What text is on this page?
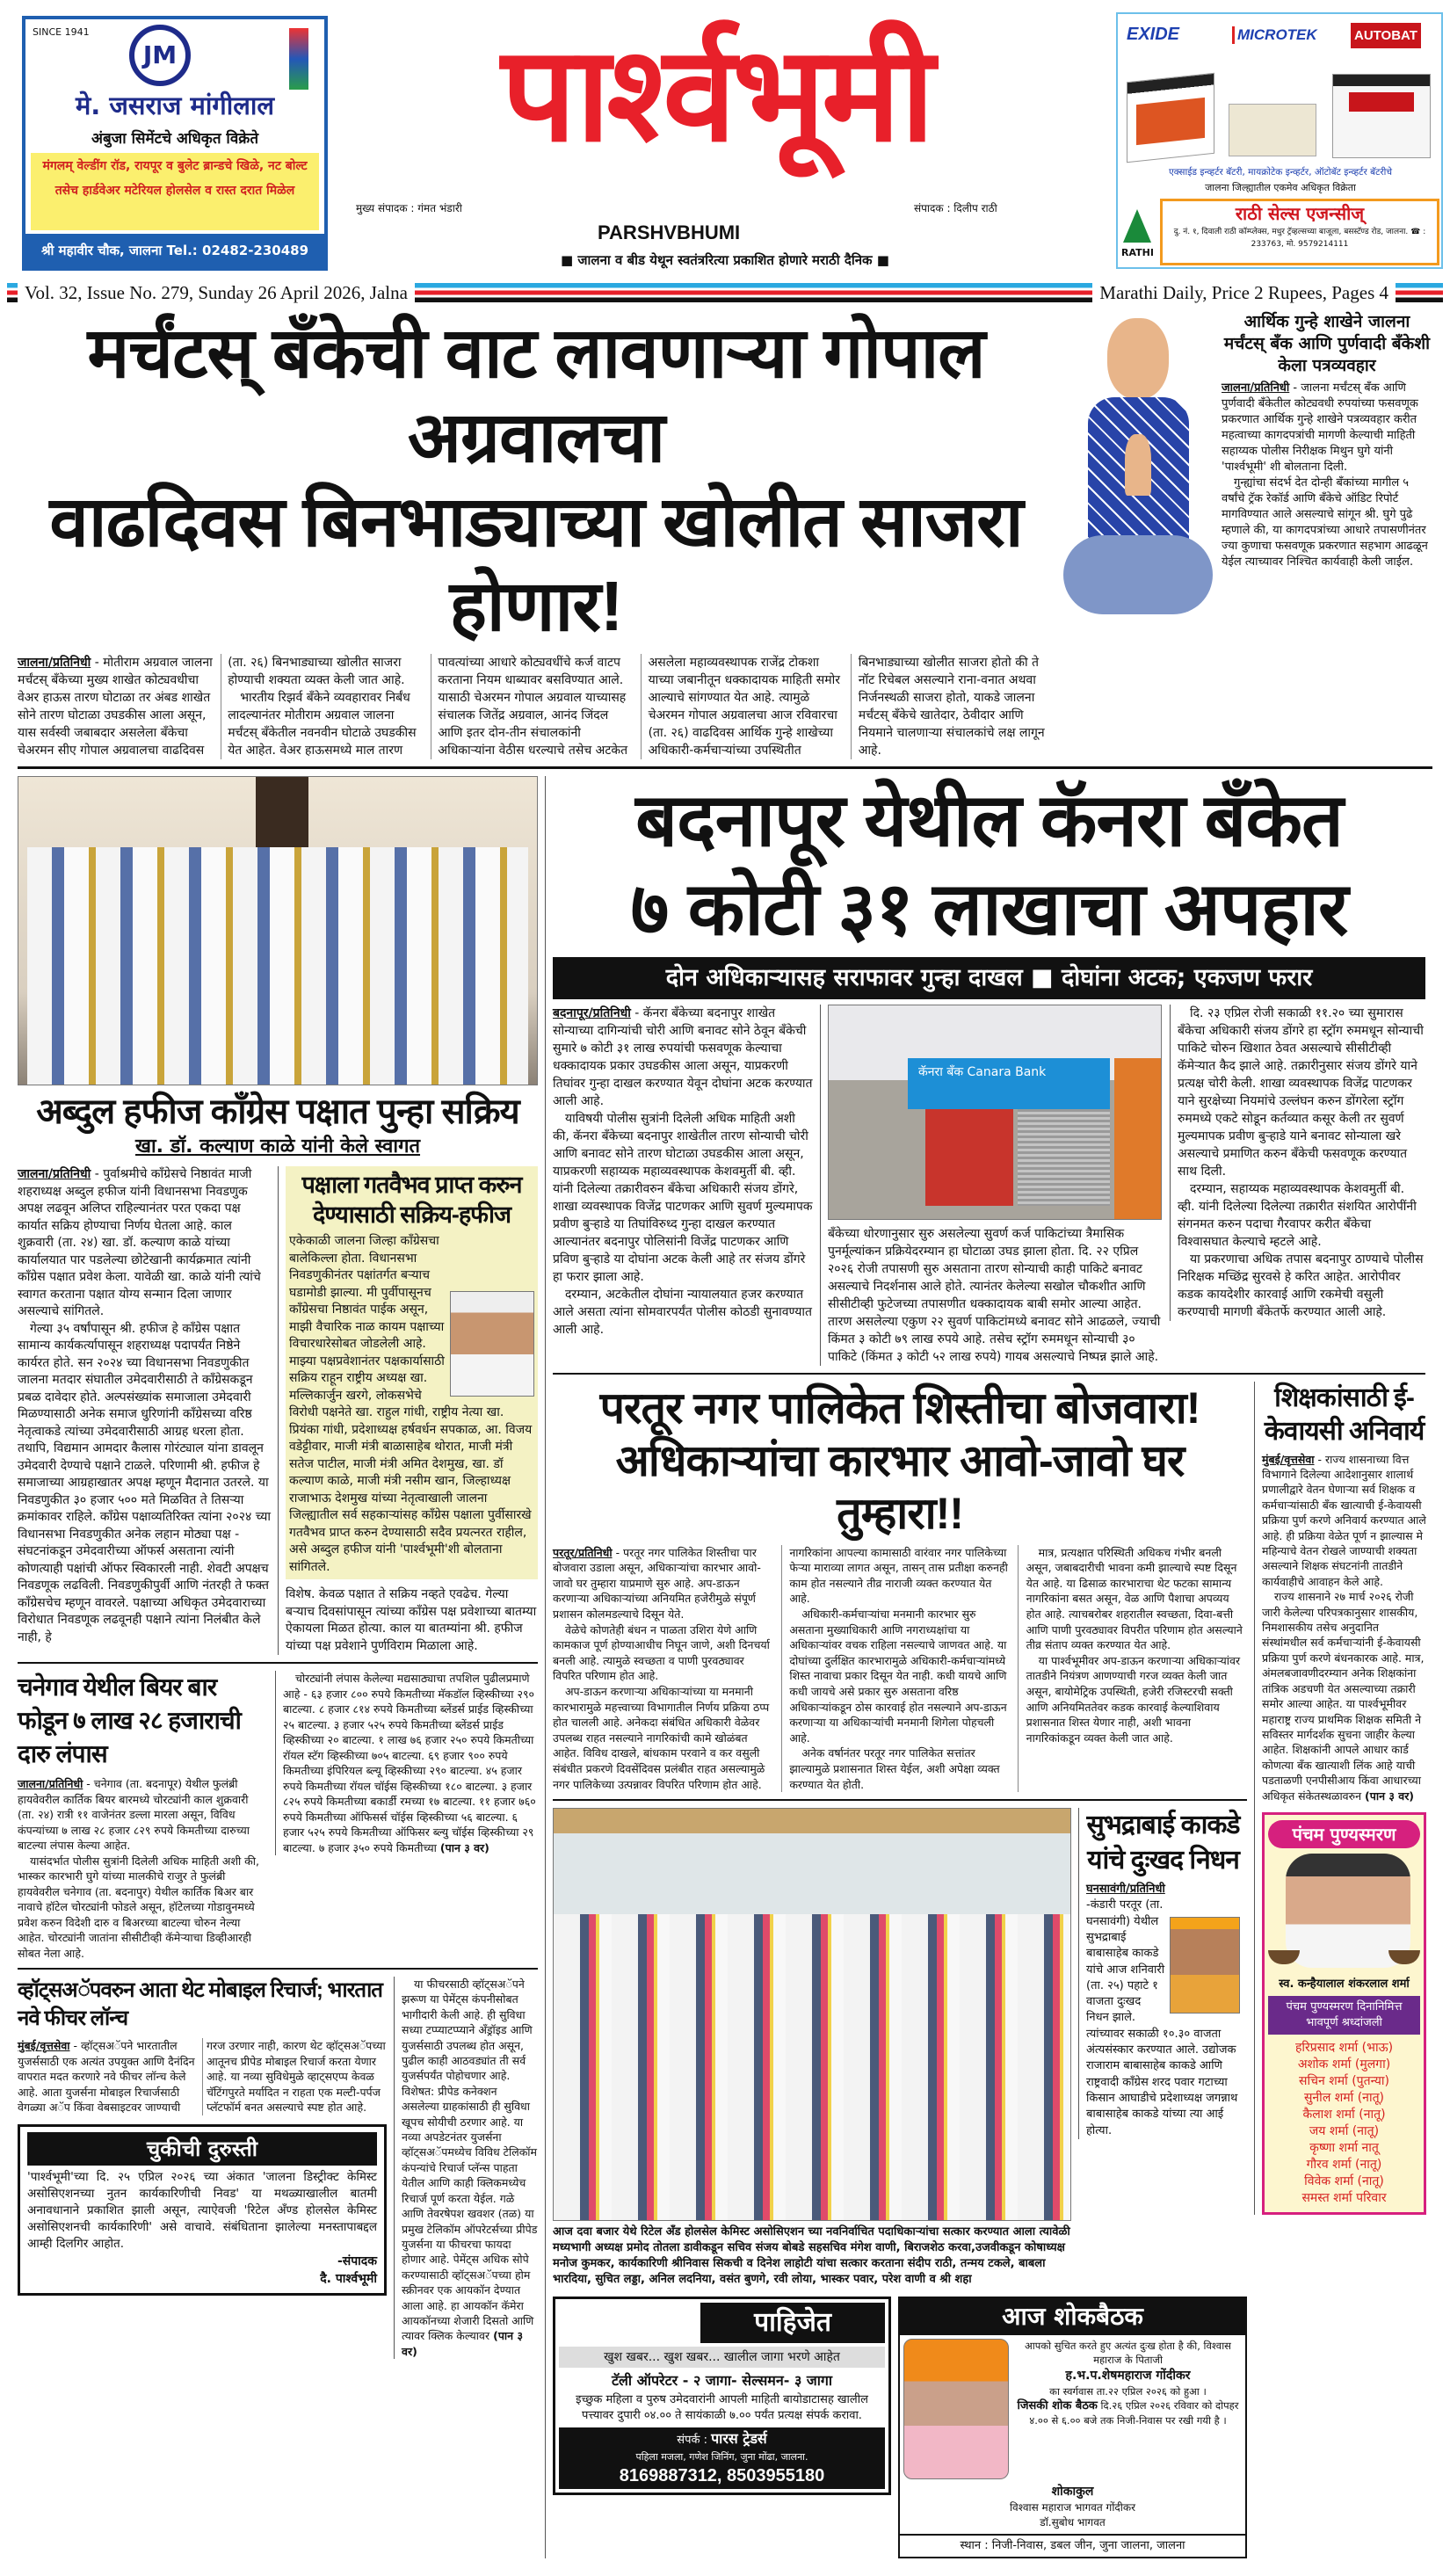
SINCE 1941
JM
मे. जसराज मांगीलाल
अंबुजा सिमेंटचे अधिकृत विक्रेते
मंगलम् वेल्डींग रॉड, रायपूर व बुलेट ब्रान्डचे खिळे, नट बोल्ट तसेच हार्डवेअर मटेरियल होलसेल व रास्त दरात मिळेल
श्री महावीर चौक, जालना Tel.: 02482-230489
पार्श्वभूमी
मुख्य संपादक : गंमत भंडारी	संपादक : दिलीप राठी
PARSHVBHUMI
■ जालना व बीड येथून स्वतंत्ररित्या प्रकाशित होणारे मराठी दैनिक ■
EXIDE	MICROTEK	AUTOBAT
एक्साईड इन्व्हर्टर बॅटरी, मायक्रोटेक इन्व्हर्टर, ऑटोबॅट इन्व्हर्टर बॅटरीचे
जालना जिल्ह्यातील एकमेव अधिकृत विक्रेता
RATHI
राठी सेल्स एजन्सीज्
दु. नं. १, दिवाली राठी कॉम्प्लेक्स, मधुर ट्रॅव्हल्सच्या बाजूला, बसस्टॅण्ड रोड, जालना. ☎ : 233763, मो. 9579214111
Vol. 32, Issue No. 279, Sunday 26 April 2026, Jalna	Marathi Daily, Price 2 Rupees, Pages 4
मर्चंटस् बँकेची वाट लावणाऱ्या गोपाल अग्रवालचा
वाढदिवस बिनभाड्याच्या खोलीत साजरा होणार!

जालना/प्रतिनिधी - मोतीराम अग्रवाल जालना मर्चंटस् बँकेच्या मुख्य शाखेत कोट्यवधीचा वेअर हाऊस तारण घोटाळा तर अंबड शाखेत सोने तारण घोटाळा उघडकीस आला असून, यास सर्वस्वी जबाबदार असलेला बँकेचा चेअरमन सीए गोपाल अग्रवालचा वाढदिवस (ता. २६) बिनभाड्याच्या खोलीत साजरा होण्याची शक्यता व्यक्त केली जात आहे.

भारतीय रिझर्व बँकेने व्यवहारावर निर्बंध लादल्यानंतर मोतीराम अग्रवाल जालना मर्चंटस् बँकेतील नवनवीन घोटाळे उघडकीस येत आहेत. वेअर हाऊसमध्ये माल तारण पावत्यांच्या आधारे कोट्यवधींचे कर्ज वाटप करताना नियम धाब्यावर बसविण्यात आले. यासाठी चेअरमन गोपाल अग्रवाल याच्यासह संचालक जितेंद्र अग्रवाल, आनंद जिंदल आणि इतर दोन-तीन संचालकांनी अधिकाऱ्यांना वेठीस धरल्याचे तसेच अटकेत असलेला महाव्यवस्थापक राजेंद्र टोकशा याच्या जबानीतून धक्कादायक माहिती समोर आल्याचे सांगण्यात येत आहे. त्यामुळे चेअरमन गोपाल अग्रवालचा आज रविवारचा (ता. २६) वाढदिवस आर्थिक गुन्हे शाखेच्या अधिकारी-कर्मचाऱ्यांच्या उपस्थितीत बिनभाड्याच्या खोलीत साजरा होतो की ते नॉट रिचेबल असल्याने राना-वनात अथवा निर्जनस्थळी साजरा होतो, याकडे जालना मर्चंटस् बँकेचे खातेदार, ठेवीदार आणि नियमाने चालणाऱ्या संचालकांचे लक्ष लागून आहे.

आर्थिक गुन्हे शाखेने जालना मर्चंटस् बँक आणि पुर्णवादी बँकेशी केला पत्रव्यवहार

जालना/प्रतिनिधी - जालना मर्चंटस् बँक आणि पुर्णवादी बँकेतील कोट्यवधी रुपयांच्या फसवणूक प्रकरणात आर्थिक गुन्हे शाखेने पत्रव्यवहार करीत महत्वाच्या कागदपत्रांची मागणी केल्याची माहिती सहाय्यक पोलीस निरीक्षक मिथुन घुगे यांनी 'पार्श्वभूमी' शी बोलताना दिली.

गुन्ह्यांचा संदर्भ देत दोन्ही बँकांच्या मागील ५ वर्षांचे ट्रॅक रेकॉर्ड आणि बँकेचे ऑडिट रिपोर्ट मागविण्यात आले असल्याचे सांगून श्री. घुगे पुढे म्हणाले की, या कागदपत्रांच्या आधारे तपासणीनंतर ज्या कुणाचा फसवणूक प्रकरणात सहभाग आढळून येईल त्याच्यावर निश्चित कार्यवाही केली जाईल.

अब्दुल हफीज काँग्रेस पक्षात पुन्हा सक्रिय
खा. डॉ. कल्याण काळे यांनी केले स्वागत

जालना/प्रतिनिधी - पुर्वाश्रमीचे काँग्रेसचे निष्ठावंत माजी शहराध्यक्ष अब्दुल हफीज यांनी विधानसभा निवडणुक अपक्ष लढवून अलिप्त राहिल्यानंतर परत एकदा पक्ष कार्यात सक्रिय होण्याचा निर्णय घेतला आहे. काल शुक्रवारी (ता. २४) खा. डॉ. कल्याण काळे यांच्या कार्यालयात पार पडलेल्या छोटेखानी कार्यक्रमात त्यांनी काँग्रेस पक्षात प्रवेश केला. यावेळी खा. काळे यांनी त्यांचे स्वागत करताना पक्षात योग्य सन्मान दिला जाणार असल्याचे सांगितले.

गेल्या ३५ वर्षांपासून श्री. हफीज हे काँग्रेस पक्षात सामान्य कार्यकर्त्यापासून शहराध्यक्ष पदापर्यंत निष्ठेने कार्यरत होते. सन २०२४ च्या विधानसभा निवडणुकीत जालना मतदार संघातील उमेदवारीसाठी ते काँग्रेसकडून प्रबळ दावेदार होते. अल्पसंख्यांक समाजाला उमेदवारी मिळण्यासाठी अनेक समाज धुरिणांनी काँग्रेसच्या वरिष्ठ नेतृत्वाकडे त्यांच्या उमेदवारीसाठी आग्रह धरला होता. तथापि, विद्यमान आमदार कैलास गोरंट्याल यांना डावलून उमेदवारी देण्याचे पक्षाने टाळले. परिणामी श्री. हफीज हे समाजाच्या आग्रहाखातर अपक्ष म्हणून मैदानात उतरले. या निवडणुकीत ३० हजार ५०० मते मिळवित ते तिसऱ्या क्रमांकावर राहिले. काँग्रेस पक्षाव्यतिरिक्त त्यांना २०२४ च्या विधानसभा निवडणुकीत अनेक लहान मोठ्या पक्ष - संघटनांकडून उमेदवारीच्या ऑफर्स असताना त्यांनी कोणत्याही पक्षांची ऑफर स्विकारली नाही. शेवटी अपक्षच निवडणूक लढविली. निवडणुकीपुर्वी आणि नंतरही ते फक्त काँग्रेसचेच म्हणून वावरले. पक्षाच्या अधिकृत उमेदवाराच्या विरोधात निवडणूक लढवूनही पक्षाने त्यांना निलंबीत केले नाही, हे

पक्षाला गतवैभव प्राप्त करुन देण्यासाठी सक्रिय-हफीज
एकेकाळी जालना जिल्हा काँग्रेसचा बालेकिल्ला होता. विधानसभा निवडणुकीनंतर पक्षांतर्गत बऱ्याच घडामोडी झाल्या. मी पुर्वीपासूनच काँग्रेसचा निष्ठावंत पाईक असून, माझी वैचारिक नाळ कायम पक्षाच्या विचारधारेसोबत जोडलेली आहे. माझ्या पक्षप्रवेशानंतर पक्षकार्यासाठी सक्रिय राहून राष्ट्रीय अध्यक्ष खा. मल्लिकार्जुन खरगे, लोकसभेचे विरोधी पक्षनेते खा. राहुल गांधी, राष्ट्रीय नेत्या खा. प्रियंका गांधी, प्रदेशाध्यक्ष हर्षवर्धन सपकाळ, आ. विजय वडेट्टीवार, माजी मंत्री बाळासाहेब थोरात, माजी मंत्री सतेज पाटील, माजी मंत्री अमित देशमुख, खा. डॉ कल्याण काळे, माजी मंत्री नसीम खान, जिल्हाध्यक्ष राजाभाऊ देशमुख यांच्या नेतृत्वाखाली जालना जिल्ह्यातील सर्व सहकाऱ्यांसह काँग्रेस पक्षाला पुर्वीसारखे गतवैभव प्राप्त करुन देण्यासाठी सदैव प्रयत्नरत राहील, असे अब्दुल हफीज यांनी 'पार्श्वभूमी'शी बोलताना सांगितले.
विशेष. केवळ पक्षात ते सक्रिय नव्हते एवढेच. गेल्या बऱ्याच दिवसांपासून त्यांच्या काँग्रेस पक्ष प्रवेशाच्या बातम्या ऐकायला मिळत होत्या. काल या बातम्यांना श्री. हफीज यांच्या पक्ष प्रवेशाने पुर्णविराम मिळाला आहे.
चनेगाव येथील बियर बार फोडून ७ लाख २८ हजाराची दारु लंपास

जालना/प्रतिनिधी - चनेगाव (ता. बदनापूर) येथील फुलंब्री हायवेवरील कार्तिक बियर बारमध्ये चोरट्यांनी काल शुक्रवारी (ता. २४) रात्री ११ वाजेनंतर डल्ला मारला असून, विविध कंपन्यांच्या ७ लाख २८ हजार ८२९ रुपये किमतीच्या दारुच्या बाटल्या लंपास केल्या आहेत.

यासंदर्भात पोलीस सुत्रांनी दिलेली अधिक माहिती अशी की, भास्कर कारभारी घुगे यांच्या मालकीचे राजुर ते फुलंब्री हायवेवरील चनेगाव (ता. बदनापुर) येथील कार्तिक बिअर बार नावाचे हॉटेल चोरट्यांनी फोडले असून, हॉटेलच्या गोडावुनमध्ये प्रवेश करुन विदेशी दारु व बिअरच्या बाटल्या चोरुन नेल्या आहेत. चोरट्यांनी जातांना सीसीटीव्ही कॅमेऱ्याचा डिव्हीआरही सोबत नेला आहे.

चोरट्यांनी लंपास केलेल्या मद्यसाठ्याचा तपशिल पुढीलप्रमाणे आहे - ६३ हजार ८०० रुपये किमतीच्या मॅकडॉल व्हिस्कीच्या २९० बाटल्या. ८ हजार ८१४ रुपये किमतीच्या ब्लेंडर्स प्राईड व्हिस्कीच्या २५ बाटल्या. ३ हजार ५२५ रुपये किमतीच्या ब्लेंडर्स प्राईड व्हिस्कीच्या २० बाटल्या. १ लाख ७६ हजार २५० रुपये किमतीच्या रॉयल स्टॅग व्हिस्कीच्या ७०५ बाटल्या. ६९ हजार ९०० रुपये किमतीच्या इंपिरियल ब्ल्यू व्हिस्कीच्या २९० बाटल्या. ४५ हजार रुपये किमतीच्या रॉयल चॉईस व्हिस्कीच्या १८० बाटल्या. ३ हजार ८२५ रुपये किमतीच्या बकार्डी रमच्या १७ बाटल्या. ११ हजार ७६० रुपये किमतीच्या ऑफिसर्स चॉईस व्हिस्कीच्या ५६ बाटल्या. ६ हजार ५२५ रुपये किमतीच्या ऑफिसर ब्ल्यु चॉईस व्हिस्कीच्या २९ बाटल्या. ७ हजार ३५० रुपये किमतीच्या (पान ३ वर)

व्हॉट्सअॅपवरुन आता थेट मोबाइल रिचार्ज; भारतात नवे फीचर लॉन्च

मुंबई/वृत्तसेवा - व्हॉट्सअॅपने भारतातील युजर्ससाठी एक अत्यंत उपयुक्त आणि दैनंदिन वापरात मदत करणारे नवे फीचर लॉन्च केले आहे. आता युजर्सना मोबाइल रिचार्जसाठी वेगळ्या अॅप किंवा वेबसाइटवर जाण्याची गरज उरणार नाही, कारण थेट व्हॉट्सअॅपच्या आतूनच प्रीपेड मोबाइल रिचार्ज करता येणार आहे. या नव्या सुविधेमुळे व्हाट्सएप्प केवळ चॅटिंगपुरते मर्यादित न राहता एक मल्टी-पर्पज प्लॅटफॉर्म बनत असल्याचे स्पष्ट होत आहे.

चुकीची दुरुस्ती
'पार्श्वभूमी'च्या दि. २५ एप्रिल २०२६ च्या अंकात 'जालना डिस्ट्रीक्ट केमिस्ट असोसिएशनच्या नुतन कार्यकारिणीची निवड' या मथळ्याखालील बातमी अनावधानाने प्रकाशित झाली असून, त्याऐवजी 'रिटेल अँण्ड होलसेल केमिस्ट असोसिएशनची कार्यकारिणी' असे वाचावे. संबंधिताना झालेल्या मनस्तापाबद्दल आम्ही दिलगिर आहोत.
-संपादक
दै. पार्श्वभूमी

या फीचरसाठी व्हॉट्सअॅपने झरूण या पेमेंट्स कंपनीसोबत भागीदारी केली आहे. ही सुविधा सध्या टप्प्याटप्प्याने अँड्रॉइड आणि युजर्ससाठी उपलब्ध होत असून, पुढील काही आठवड्यांत ती सर्व युजर्सपर्यंत पोहोचणार आहे. विशेषत: प्रीपेड कनेक्शन असलेल्या ग्राहकांसाठी ही सुविधा खूपच सोयीची ठरणार आहे. या नव्या अपडेटनंतर युजर्सना व्हॉट्सअॅपमध्येच विविध टेलिकॉम कंपन्यांचे रिचार्ज प्लॅन्स पाहता येतील आणि काही क्लिकमध्येच रिचार्ज पूर्ण करता येईल. गळे आणि तेवरषेपश खवशर (तळ) या प्रमुख टेलिकॉम ऑपरेटर्सच्या प्रीपेड युजर्सना या फीचरचा फायदा होणार आहे. पेमेंट्स अधिक सोपे करण्यासाठी व्हॉट्सअॅपच्या होम स्क्रीनवर एक आयकॉन देण्यात आला आहे. हा आयकॉन कॅमेरा आयकॉनच्या शेजारी दिसतो आणि त्यावर क्लिक केल्यावर (पान ३ वर)

बदनापूर येथील कॅनरा बँकेत
७ कोटी ३१ लाखाचा अपहार
दोन अधिकाऱ्यासह सराफावर गुन्हा दाखल ■ दोघांना अटक; एकजण फरार

बदनापूर/प्रतिनिधी - कॅनरा बँकेच्या बदनापुर शाखेत सोन्याच्या दागिन्यांची चोरी आणि बनावट सोने ठेवून बँकेची सुमारे ७ कोटी ३१ लाख रुपयांची फसवणूक केल्याचा धक्कादायक प्रकार उघडकीस आला असून, याप्रकरणी तिघांवर गुन्हा दाखल करण्यात येवून दोघांना अटक करण्यात आली आहे.

याविषयी पोलीस सुत्रांनी दिलेली अधिक माहिती अशी की, कॅनरा बँकेच्या बदनापुर शाखेतील तारण सोन्याची चोरी आणि बनावट सोने तारण घोटाळा उघडकीस आला असून, याप्रकरणी सहाय्यक महाव्यवस्थापक केशवमुर्ती बी. व्ही. यांनी दिलेल्या तक्रारीवरुन बँकेचा अधिकारी संजय डोंगरे, शाखा व्यवस्थापक विजेंद्र पाटणकर आणि सुवर्ण मुल्यमापक प्रवीण बुऱ्हाडे या तिघांविरुध्द गुन्हा दाखल करण्यात आल्यानंतर बदनापुर पोलिसांनी विजेंद्र पाटणकर आणि प्रविण बुऱ्हाडे या दोघांना अटक केली आहे तर संजय डोंगरे हा फरार झाला आहे.

दरम्यान, अटकेतील दोघांना न्यायालयात हजर करण्यात आले असता त्यांना सोमवारपर्यंत पोलीस कोठडी सुनावण्यात आली आहे.

कॅनरा बँक Canara Bank
बँकेच्या धोरणानुसार सुरु असलेल्या सुवर्ण कर्ज पाकिटांच्या त्रैमासिक पुनर्मूल्यांकन प्रक्रियेदरम्यान हा घोटाळा उघड झाला होता. दि. २२ एप्रिल २०२६ रोजी तपासणी सुरु असताना तारण सोन्याची काही पाकिटे बनावट असल्याचे निदर्शनास आले होते. त्यानंतर केलेल्या सखोल चौकशीत आणि सीसीटीव्ही फुटेजच्या तपासणीत धक्कादायक बाबी समोर आल्या आहेत. तारण असलेल्या एकुण २२ सुवर्ण पाकिटांमध्ये बनावट सोने आढळले, ज्याची किंमत ३ कोटी ७९ लाख रुपये आहे. तसेच स्ट्रॉग रुममधून सोन्याची ३० पाकिटे (किंमत ३ कोटी ५२ लाख रुपये) गायब असल्याचे निष्पन्न झाले आहे.

दि. २३ एप्रिल रोजी सकाळी ११.२० च्या सुमारास बँकेचा अधिकारी संजय डोंगरे हा स्ट्रॉग रुममधून सोन्याची पाकिटे चोरुन खिशात ठेवत असल्याचे सीसीटीव्ही कॅमेऱ्यात कैद झाले आहे. तक्रारीनुसार संजय डोंगरे याने प्रत्यक्ष चोरी केली. शाखा व्यवस्थापक विजेंद्र पाटणकर याने सुरक्षेच्या नियमांचे उल्लंघन करुन डोंगरेला स्ट्रॉग रुममध्ये एकटे सोडून कर्तव्यात कसूर केली तर सुवर्ण मुल्यमापक प्रवीण बुऱ्हाडे याने बनावट सोन्याला खरे असल्याचे प्रमाणित करुन बँकेची फसवणूक करण्यात साथ दिली.

दरम्यान, सहाय्यक महाव्यवस्थापक केशवमुर्ती बी. व्ही. यांनी दिलेल्या दिलेल्या तक्रारीत संशयित आरोपींनी संगनमत करुन पदाचा गैरवापर करीत बँकेचा विश्वासघात केल्याचे म्हटले आहे.

या प्रकरणाचा अधिक तपास बदनापुर ठाण्याचे पोलीस निरिक्षक मच्छिंद्र सुरवसे हे करित आहेत. आरोपीवर कडक कायदेशीर कारवाई आणि रकमेची वसुली करण्याची मागणी बँकेतर्फे करण्यात आली आहे.

परतूर नगर पालिकेत शिस्तीचा बोजवारा!
अधिकाऱ्यांचा कारभार आवो-जावो घर तुम्हारा!!

परतूर/प्रतिनिधी - परतूर नगर पालिकेत शिस्तीचा पार बोजवारा उडाला असून, अधिकाऱ्यांचा कारभार आवो-जावो घर तुम्हारा याप्रमाणे सुरु आहे. अप-डाऊन करणाऱ्या अधिकाऱ्यांच्या अनियमित हजेरीमुळे संपूर्ण प्रशासन कोलमडल्याचे दिसून येते.

वेळेचे कोणतेही बंधन न पाळता उशिरा येणे आणि कामकाज पूर्ण होण्याआधीच निघून जाणे, अशी दिनचर्या बनली आहे. त्यामुळे स्वच्छता व पाणी पुरवठ्यावर विपरित परिणाम होत आहे.

अप-डाऊन करणाऱ्या अधिकाऱ्यांच्या या मनमानी कारभारामुळे महत्त्वाच्या विभागातील निर्णय प्रक्रिया ठप्प होत चालली आहे. अनेकदा संबंधित अधिकारी वेळेवर उपलब्ध राहत नसल्याने नागरिकांची कामे खोळंबत आहेत. विविध दाखले, बांधकाम परवाने व कर वसुली संबंधीत प्रकरणे दिवसेंदिवस प्रलंबीत राहत असल्यामुळे नगर पालिकेच्या उत्पन्नावर विपरित परिणाम होत आहे. नागरिकांना आपल्या कामासाठी वारंवार नगर पालिकेच्या फेऱ्या माराव्या लागत असून, तासन् तास प्रतीक्षा करुनही काम होत नसल्याने तीव्र नाराजी व्यक्त करण्यात येत आहे.

अधिकारी-कर्मचाऱ्यांचा मनमानी कारभार सुरु असताना मुख्याधिकारी आणि नगराध्यक्षांचा या अधिकाऱ्यांवर वचक राहिला नसल्याचे जाणवत आहे. या दोघांच्या दुर्लक्षित कारभारामुळे अधिकारी-कर्मचाऱ्यांमध्ये शिस्त नावाचा प्रकार दिसून येत नाही. कधी यायचे आणि कधी जायचे असे प्रकार सुरु असताना वरिष्ठ अधिकाऱ्यांकडून ठोस कारवाई होत नसल्याने अप-डाऊन करणाऱ्या या अधिकाऱ्यांची मनमानी शिगेला पोहचली आहे.

अनेक वर्षानंतर परतूर नगर पालिकेत सत्तांतर झाल्यामुळे प्रशासनात शिस्त येईल, अशी अपेक्षा व्यक्त करण्यात येत होती.

मात्र, प्रत्यक्षात परिस्थिती अधिकच गंभीर बनली असून, जबाबदारीची भावना कमी झाल्याचे स्पष्ट दिसून येत आहे. या ढिसाळ कारभाराचा थेट फटका सामान्य नागरिकांना बसत असून, वेळ आणि पैशाचा अपव्यय होत आहे. त्याचबरोबर शहरातील स्वच्छता, दिवा-बत्ती आणि पाणी पुरवठ्यावर विपरीत परिणाम होत असल्याने तीव्र संताप व्यक्त करण्यात येत आहे.

या पार्श्वभूमीवर अप-डाऊन करणाऱ्या अधिकाऱ्यांवर तातडीने नियंत्रण आणण्याची गरज व्यक्त केली जात असून, बायोमेट्रिक उपस्थिती, हजेरी रजिस्टरची सक्ती आणि अनियमिततेवर कडक कारवाई केल्याशिवाय प्रशासनात शिस्त येणार नाही, अशी भावना नागरिकांकडून व्यक्त केली जात आहे.

आज दवा बजार येथे रिटेल अँड होलसेल केमिस्ट असोसिएशन च्या नवनिर्वाचित पदाधिकाऱ्यांचा सत्कार करण्यात आला त्यावेळी मध्यभागी अध्यक्ष प्रमोद तोतला डावीकडून सचिव संजय बोबडे सहसचिव मंगेश वाणी, बिराजशेठ करवा,उजवीकडून कोषाध्यक्ष मनोज कुमकर, कार्यकारिणी श्रीनिवास सिकची व दिनेश लाहोटी यांचा सत्कार करताना संदीप राठी, तन्मय टकले, बाबला भारदिया, सुचित लड्डा, अनिल लदनिया, वसंत बुणगे, रवी लोया, भास्कर पवार, परेश वाणी व श्री शहा
सुभद्राबाई काकडे यांचे दुःखद निधन

घनसावंगी/प्रतिनिधी -कंडारी परतूर (ता. घनसावंगी) येथील सुभद्राबाई बाबासाहेब काकडे यांचे आज शनिवारी (ता. २५) पहाटे १ वाजता दुःखद निधन झाले. त्यांच्यावर सकाळी १०.३० वाजता अंत्यसंस्कार करण्यात आले. उद्योजक राजाराम बाबासाहेब काकडे आणि राष्ट्रवादी काँग्रेस शरद पवार गटाच्या किसान आघाडीचे प्रदेशाध्यक्ष जगन्नाथ बाबासाहेब काकडे यांच्या त्या आई होत्या.

पाहिजेत
खुश खबर... खुश खबर... खालील जागा भरणे आहेत
टॅली ऑपरेटर - २ जागा- सेल्समन- ३ जागा
इच्छुक महिला व पुरुष उमेदवारांनी आपली माहिती बायोडाटासह खालील पत्त्यावर दुपारी ०४.०० ते सायंकाळी ७.०० पर्यंत प्रत्यक्ष संपर्क करावा.
संपर्क : पारस ट्रेडर्स
पहिला मजला, गणेश जिनिंग, जुना मोंढा, जालना.
8169887312, 8503955180
आज शोकबैठक
आपको सुचित करते हुए अत्यंत दुःख होता है की, विश्वास महाराज के पिताजी
ह.भ.प.शेषमहाराज गोंदीकर
का स्वर्गवास ता.२२ एप्रिल २०२६ को हुआ ।
जिसकी शोक बैठक दि.२६ एप्रिल २०२६ रविवार को दोपहर ४.०० से ६.०० बजे तक निजी-निवास पर रखी गयी है ।
शोकाकुल
विश्वास महाराज भागवत गोंदीकर
डॉ.सुबोध भागवत
स्थान : निजी-निवास, डबल जीन, जुना जालना, जालना
शिक्षकांसाठी ई-केवायसी अनिवार्य

मुंबई/वृत्तसेवा - राज्य शासनाच्या वित्त विभागाने दिलेल्या आदेशानुसार शालार्थ प्रणालीद्वारे वेतन घेणाऱ्या सर्व शिक्षक व कर्मचाऱ्यांसाठी बँक खात्याची ई-केवायसी प्रक्रिया पुर्ण करणे अनिवार्य करण्यात आले आहे. ही प्रक्रिया वेळेत पूर्ण न झाल्यास मे महिन्याचे वेतन रोखले जाण्याची शक्यता असल्याने शिक्षक संघटनांनी तातडीने कार्यवाहीचे आवाहन केले आहे.

राज्य शासनाने २७ मार्च २०२६ रोजी जारी केलेल्या परिपत्रकानुसार शासकीय, निमशासकीय तसेच अनुदानित संस्थांमधील सर्व कर्मचाऱ्यांनी ई-केवायसी प्रक्रिया पुर्ण करणे बंधनकारक आहे. मात्र, अंमलबजावणीदरम्यान अनेक शिक्षकांना तांत्रिक अडचणी येत असल्याच्या तक्रारी समोर आल्या आहेत. या पार्श्वभूमीवर महाराष्ट्र राज्य प्राथमिक शिक्षक समिती ने सविस्तर मार्गदर्शक सुचना जाहीर केल्या आहेत. शिक्षकांनी आपले आधार कार्ड कोणत्या बँक खात्याशी लिंक आहे याची पडताळणी एनपीसीआय किंवा आधारच्या अधिकृत संकेतस्थळावरुन (पान ३ वर)

पंचम पुण्यस्मरण
स्व. कन्हैयालाल शंकरलाल शर्मा
पंचम पुण्यस्मरण दिनानिमित्त भावपूर्ण श्रध्दांजली
हरिप्रसाद शर्मा (भाऊ)
अशोक शर्मा (मुलगा)
सचिन शर्मा (पुतन्या)
सुनील शर्मा (नातू)
कैलाश शर्मा (नातू)
जय शर्मा (नातू)
कृष्णा शर्मा नातू
गौरव शर्मा (नातू)
विवेक शर्मा (नातू)
समस्त शर्मा परिवार
